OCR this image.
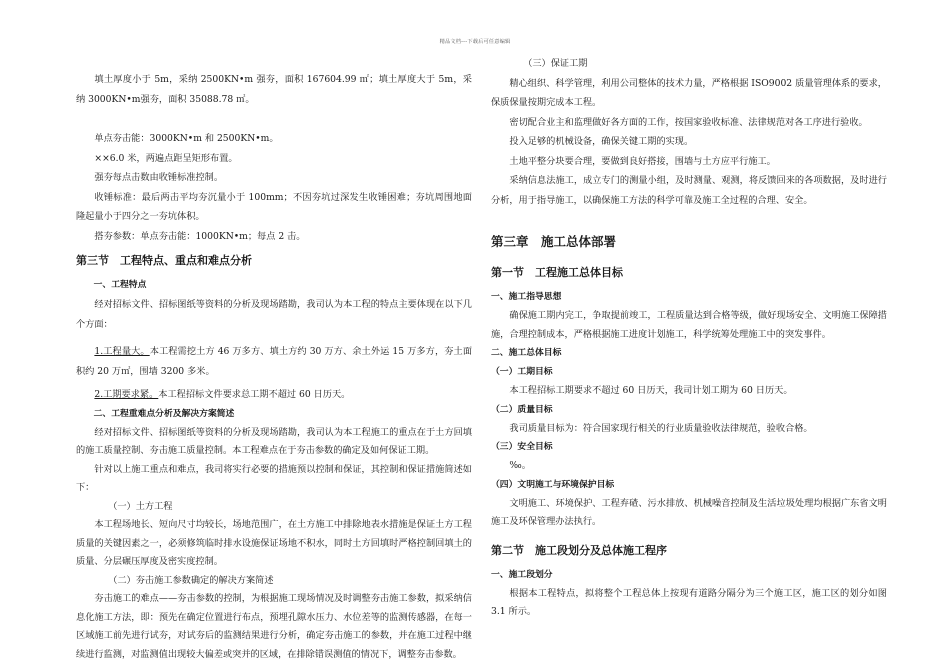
精品文档---下载后可任意编辑

填土厚度小于 5m，采纳 2500KN•m 强夯，面积 167604.99 ㎡；填土厚度大于 5m，采纳 3000KN•m强夯，面积 35088.78 ㎡。

单点夯击能：3000KN•m 和 2500KN•m。

××6.0 米，两遍点距呈矩形布置。

强夯每点击数由收锤标准控制。

收锤标准：最后两击平均夯沉量小于 100mm；不因夯坑过深发生收锤困难；夯坑周围地面隆起量小于四分之一夯坑体积。

搭夯参数：单点夯击能：1000KN•m；每点 2 击。

第三节　工程特点、重点和难点分析
一、工程特点

经对招标文件、招标图纸等资料的分析及现场踏勘，我司认为本工程的特点主要体现在以下几个方面：

1.工程量大。本工程需挖土方 46 万多方、填土方约 30 万方、余土外运 15 万多方，夯土面积约 20 万㎡，围墙 3200 多米。

2.工期要求紧。本工程招标文件要求总工期不超过 60 日历天。

二、工程重难点分析及解决方案简述

经对招标文件、招标图纸等资料的分析及现场踏勘，我司认为本工程施工的重点在于土方回填的施工质量控制、夯击施工质量控制。本工程难点在于夯击参数的确定及如何保证工期。

针对以上施工重点和难点，我司将实行必要的措施预以控制和保证，其控制和保证措施简述如下：

（一）土方工程

本工程场地长、短向尺寸均较长，场地范围广，在土方施工中排除地表水措施是保证土方工程质量的关键因素之一，必须修筑临时排水设施保证场地不积水，同时土方回填时严格控制回填土的质量、分层碾压厚度及密实度控制。

（二）夯击施工参数确定的解决方案简述

夯击施工的难点——夯击参数的控制，为根据施工现场情况及时调整夯击施工参数，拟采纳信息化施工方法，即：预先在确定位置进行布点，预埋孔隙水压力、水位差等的监测传感器，在每一区域施工前先进行试夯，对试夯后的监测结果进行分析，确定夯击施工的参数，并在施工过程中继续进行监测，对监测值出现较大偏差或突并的区域，在排除错误测值的情况下，调整夯击参数。

（三）保证工期

精心组织、科学管理，利用公司整体的技术力量，严格根据 ISO9002 质量管理体系的要求，保质保量按期完成本工程。

密切配合业主和监理做好各方面的工作，按国家验收标准、法律规范对各工序进行验收。

投入足够的机械设备，确保关键工期的实现。

土地平整分块要合理，要做到良好搭接，围墙与土方应平行施工。

采纳信息法施工，成立专门的测量小组，及时测量、观测，将反馈回来的各项数据，及时进行分析，用于指导施工，以确保施工方法的科学可靠及施工全过程的合理、安全。

第三章　施工总体部署
第一节　工程施工总体目标
一、施工指导思想

确保施工期内完工，争取提前竣工，工程质量达到合格等级，做好现场安全、文明施工保障措施，合理控制成本，严格根据施工进度计划施工，科学统筹处理施工中的突发事件。

二、施工总体目标
（一）工期目标

本工程招标工期要求不超过 60 日历天，我司计划工期为 60 日历天。

（二）质量目标

我司质量目标为：符合国家现行相关的行业质量验收法律规范，验收合格。

（三）安全目标

‰。

（四）文明施工与环境保护目标

文明施工、环境保护、工程弃碴、污水排放、机械噪音控制及生活垃圾处理均根据广东省文明施工及环保管理办法执行。

第二节　施工段划分及总体施工程序
一、施工段划分

根据本工程特点，拟将整个工程总体上按现有道路分隔分为三个施工区，施工区的划分如图 3.1 所示。
